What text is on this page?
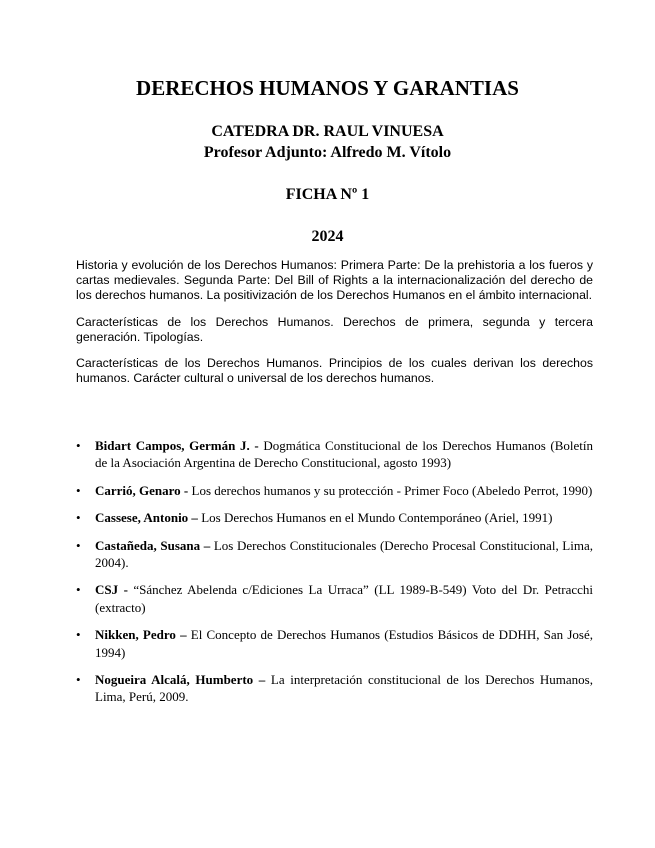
DERECHOS HUMANOS Y GARANTIAS
CATEDRA DR. RAUL VINUESA
Profesor Adjunto: Alfredo M. Vítolo
FICHA Nº 1
2024

Historia y evolución de los Derechos Humanos: Primera Parte: De la prehistoria a los fueros y cartas medievales. Segunda Parte: Del Bill of Rights a la internacionalización del derecho de los derechos humanos. La positivización de los Derechos Humanos en el ámbito internacional.

Características de los Derechos Humanos. Derechos de primera, segunda y tercera generación. Tipologías.

Características de los Derechos Humanos. Principios de los cuales derivan los derechos humanos. Carácter cultural o universal de los derechos humanos.

• Bidart Campos, Germán J. - Dogmática Constitucional de los Derechos Humanos (Boletín de la Asociación Argentina de Derecho Constitucional, agosto 1993)
• Carrió, Genaro - Los derechos humanos y su protección - Primer Foco (Abeledo Perrot, 1990)
• Cassese, Antonio – Los Derechos Humanos en el Mundo Contemporáneo (Ariel, 1991)
• Castañeda, Susana – Los Derechos Constitucionales (Derecho Procesal Constitucional, Lima, 2004).
• CSJ - “Sánchez Abelenda c/Ediciones La Urraca” (LL 1989-B-549) Voto del Dr. Petracchi (extracto)
• Nikken, Pedro – El Concepto de Derechos Humanos (Estudios Básicos de DDHH, San José, 1994)
• Nogueira Alcalá, Humberto – La interpretación constitucional de los Derechos Humanos, Lima, Perú, 2009.
